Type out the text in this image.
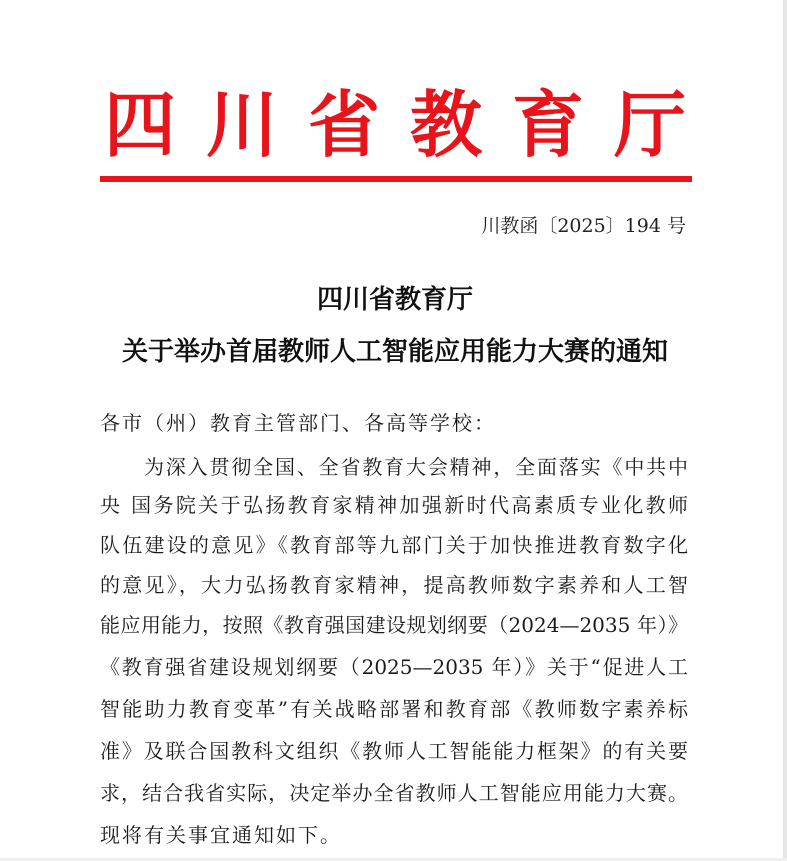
四 川 省 教 育 厅
川教函〔2025〕194 号
四川省教育厅
关于举办首届教师人工智能应用能力大赛的通知
各市（州）教育主管部门、各高等学校：
为深入贯彻全国、全省教育大会精神，全面落实《中共中
央 国务院关于弘扬教育家精神加强新时代高素质专业化教师
队伍建设的意见》《教育部等九部门关于加快推进教育数字化
的意见》，大力弘扬教育家精神，提高教师数字素养和人工智
能应用能力，按照《教育强国建设规划纲要（2024—2035 年）》
《教育强省建设规划纲要（2025—2035 年）》关于“促进人工
智能助力教育变革”有关战略部署和教育部《教师数字素养标
准》及联合国教科文组织《教师人工智能能力框架》的有关要
求，结合我省实际，决定举办全省教师人工智能应用能力大赛。
现将有关事宜通知如下。
